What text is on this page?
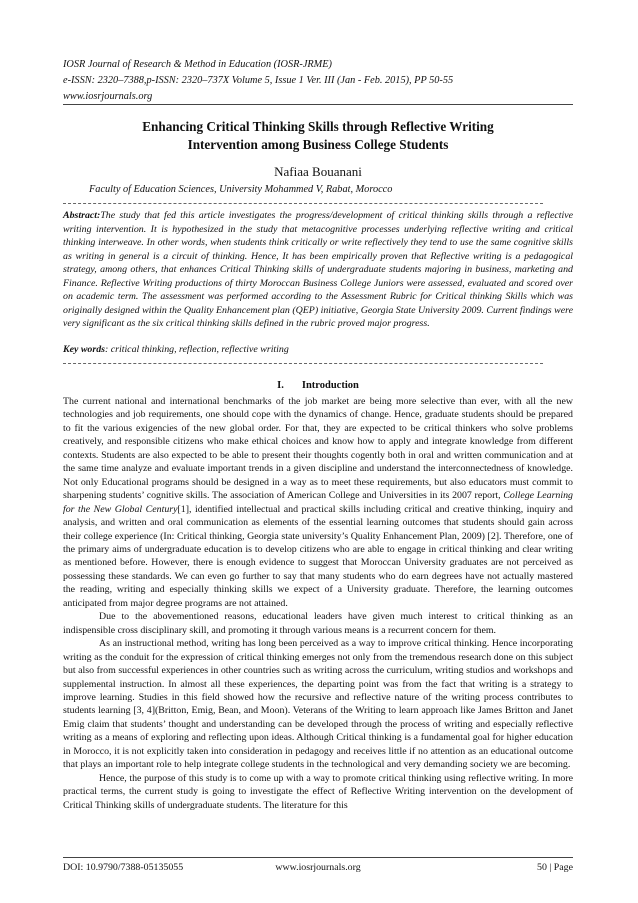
IOSR Journal of Research & Method in Education (IOSR-JRME)
e-ISSN: 2320–7388,p-ISSN: 2320–737X Volume 5, Issue 1 Ver. III (Jan - Feb. 2015), PP 50-55
www.iosrjournals.org
Enhancing Critical Thinking Skills through Reflective Writing
Intervention among Business College Students
Nafiaa Bouanani
Faculty of Education Sciences, University Mohammed V, Rabat, Morocco
Abstract:The study that fed this article investigates the progress/development of critical thinking skills through a reflective writing intervention. It is hypothesized in the study that metacognitive processes underlying reflective writing and critical thinking interweave. In other words, when students think critically or write reflectively they tend to use the same cognitive skills as writing in general is a circuit of thinking. Hence, It has been empirically proven that Reflective writing is a pedagogical strategy, among others, that enhances Critical Thinking skills of undergraduate students majoring in business, marketing and Finance. Reflective Writing productions of thirty Moroccan Business College Juniors were assessed, evaluated and scored over on academic term. The assessment was performed according to the Assessment Rubric for Critical thinking Skills which was originally designed within the Quality Enhancement plan (QEP) initiative, Georgia State University 2009. Current findings were very significant as the six critical thinking skills defined in the rubric proved major progress.
Key words: critical thinking, reflection, reflective writing
I. Introduction

The current national and international benchmarks of the job market are being more selective than ever, with all the new technologies and job requirements, one should cope with the dynamics of change. Hence, graduate students should be prepared to fit the various exigencies of the new global order. For that, they are expected to be critical thinkers who solve problems creatively, and responsible citizens who make ethical choices and know how to apply and integrate knowledge from different contexts. Students are also expected to be able to present their thoughts cogently both in oral and written communication and at the same time analyze and evaluate important trends in a given discipline and understand the interconnectedness of knowledge. Not only Educational programs should be designed in a way as to meet these requirements, but also educators must commit to sharpening students’ cognitive skills. The association of American College and Universities in its 2007 report, College Learning for the New Global Century[1], identified intellectual and practical skills including critical and creative thinking, inquiry and analysis, and written and oral communication as elements of the essential learning outcomes that students should gain across their college experience (In: Critical thinking, Georgia state university’s Quality Enhancement Plan, 2009) [2]. Therefore, one of the primary aims of undergraduate education is to develop citizens who are able to engage in critical thinking and clear writing as mentioned before. However, there is enough evidence to suggest that Moroccan University graduates are not perceived as possessing these standards. We can even go further to say that many students who do earn degrees have not actually mastered the reading, writing and especially thinking skills we expect of a University graduate. Therefore, the learning outcomes anticipated from major degree programs are not attained.

Due to the abovementioned reasons, educational leaders have given much interest to critical thinking as an indispensible cross disciplinary skill, and promoting it through various means is a recurrent concern for them.

As an instructional method, writing has long been perceived as a way to improve critical thinking. Hence incorporating writing as the conduit for the expression of critical thinking emerges not only from the tremendous research done on this subject but also from successful experiences in other countries such as writing across the curriculum, writing studios and workshops and supplemental instruction. In almost all these experiences, the departing point was from the fact that writing is a strategy to improve learning. Studies in this field showed how the recursive and reflective nature of the writing process contributes to students learning [3, 4](Britton, Emig, Bean, and Moon). Veterans of the Writing to learn approach like James Britton and Janet Emig claim that students’ thought and understanding can be developed through the process of writing and especially reflective writing as a means of exploring and reflecting upon ideas. Although Critical thinking is a fundamental goal for higher education in Morocco, it is not explicitly taken into consideration in pedagogy and receives little if no attention as an educational outcome that plays an important role to help integrate college students in the technological and very demanding society we are becoming.

Hence, the purpose of this study is to come up with a way to promote critical thinking using reflective writing. In more practical terms, the current study is going to investigate the effect of Reflective Writing intervention on the development of Critical Thinking skills of undergraduate students. The literature for this

DOI: 10.9790/7388-05135055	www.iosrjournals.org	50 | Page
